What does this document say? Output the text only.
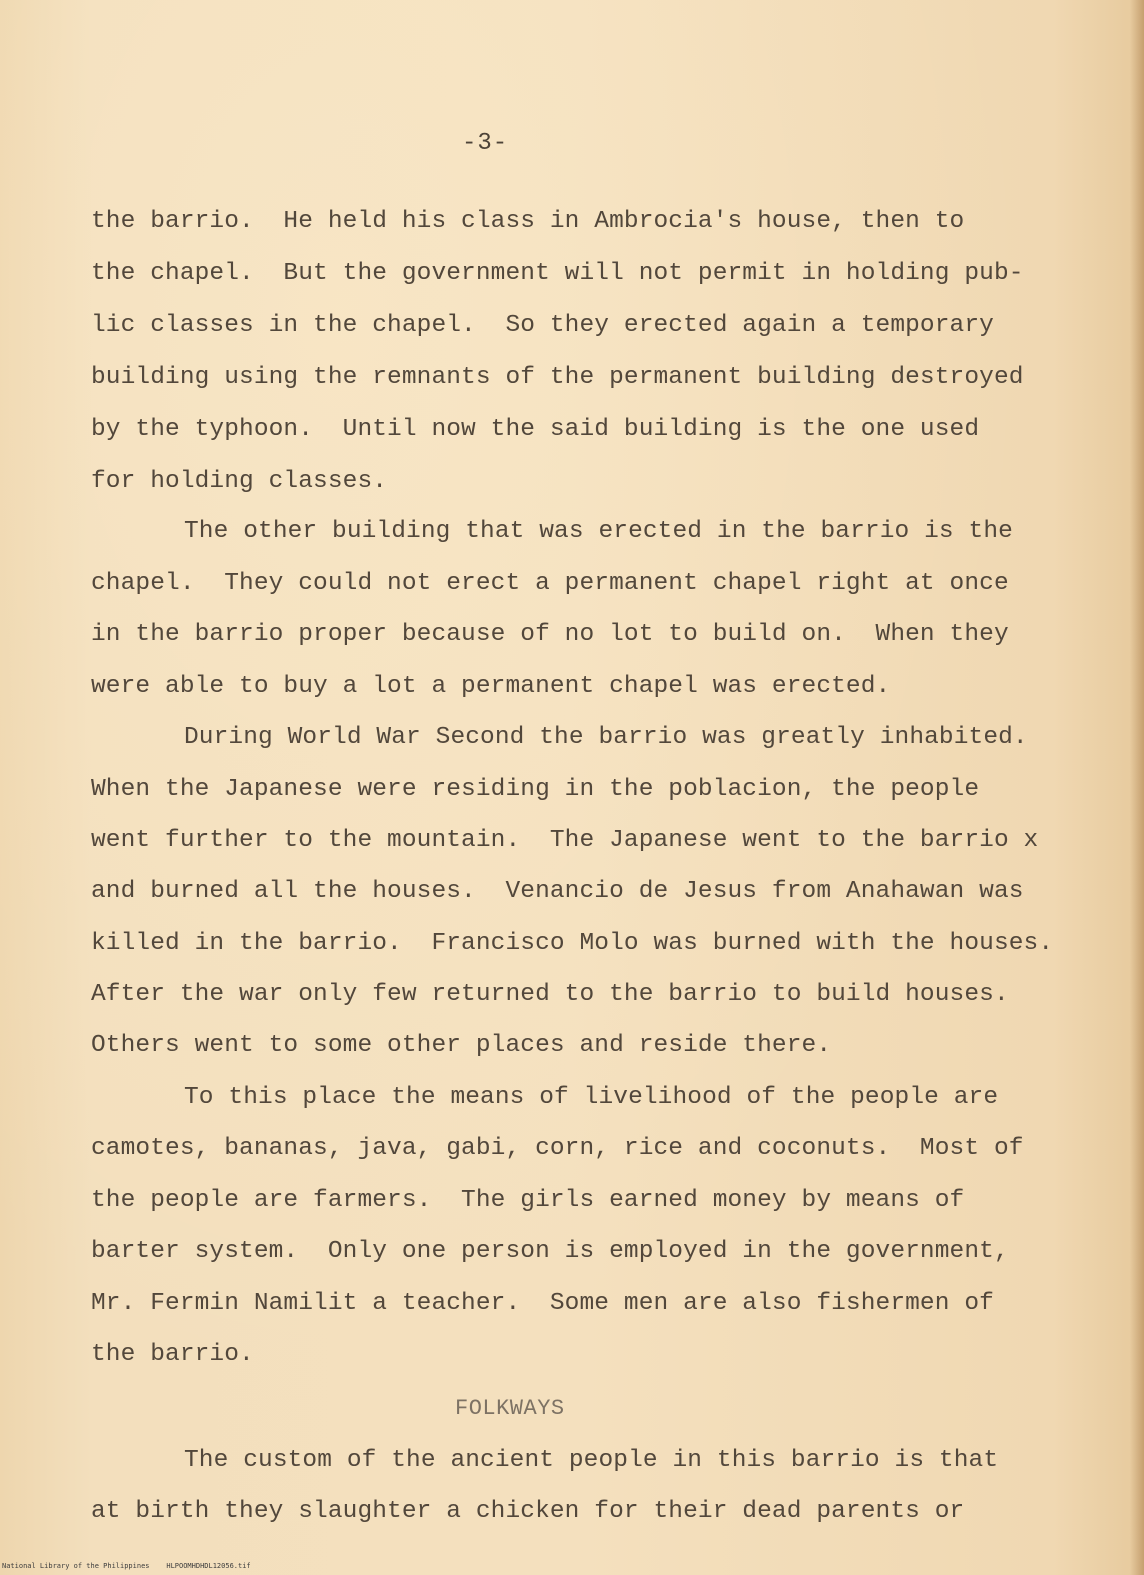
-3-
the barrio.  He held his class in Ambrocia's house, then to
the chapel.  But the government will not permit in holding pub-
lic classes in the chapel.  So they erected again a temporary
building using the remnants of the permanent building destroyed
by the typhoon.  Until now the said building is the one used
for holding classes.
The other building that was erected in the barrio is the
chapel.  They could not erect a permanent chapel right at once
in the barrio proper because of no lot to build on.  When they
were able to buy a lot a permanent chapel was erected.
During World War Second the barrio was greatly inhabited.
When the Japanese were residing in the poblacion, the people
went further to the mountain.  The Japanese went to the barrio x
and burned all the houses.  Venancio de Jesus from Anahawan was
killed in the barrio.  Francisco Molo was burned with the houses.
After the war only few returned to the barrio to build houses.
Others went to some other places and reside there.
To this place the means of livelihood of the people are
camotes, bananas, java, gabi, corn, rice and coconuts.  Most of
the people are farmers.  The girls earned money by means of
barter system.  Only one person is employed in the government,
Mr. Fermin Namilit a teacher.  Some men are also fishermen of
the barrio.
FOLKWAYS
The custom of the ancient people in this barrio is that
at birth they slaughter a chicken for their dead parents or
National Library of the Philippines    HLPOOMHDHDL12056.tif
